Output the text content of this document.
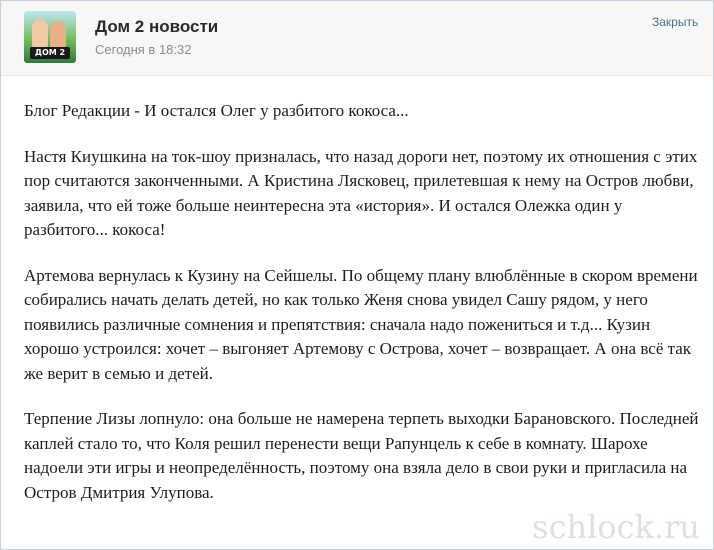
ДОМ 2
Дом 2 новости
Сегодня в 18:32
Закрыть

Блог Редакции - И остался Олег у разбитого кокоса...

Настя Киушкина на ток-шоу призналась, что назад дороги нет, поэтому их отношения с этих пор считаются законченными. А Кристина Лясковец, прилетевшая к нему на Остров любви, заявила, что ей тоже больше неинтересна эта «история». И остался Олежка один у разбитого... кокоса!

Артемова вернулась к Кузину на Сейшелы. По общему плану влюблённые в скором времени собирались начать делать детей, но как только Женя снова увидел Сашу рядом, у него появились различные сомнения и препятствия: сначала надо пожениться и т.д... Кузин хорошо устроился: хочет – выгоняет Артемову с Острова, хочет – возвращает. А она всё так же верит в семью и детей.

Терпение Лизы лопнуло: она больше не намерена терпеть выходки Барановского. Последней каплей стало то, что Коля решил перенести вещи Рапунцель к себе в комнату. Шарохе надоели эти игры и неопределённость, поэтому она взяла дело в свои руки и пригласила на Остров Дмитрия Улупова.

schlock.ru
